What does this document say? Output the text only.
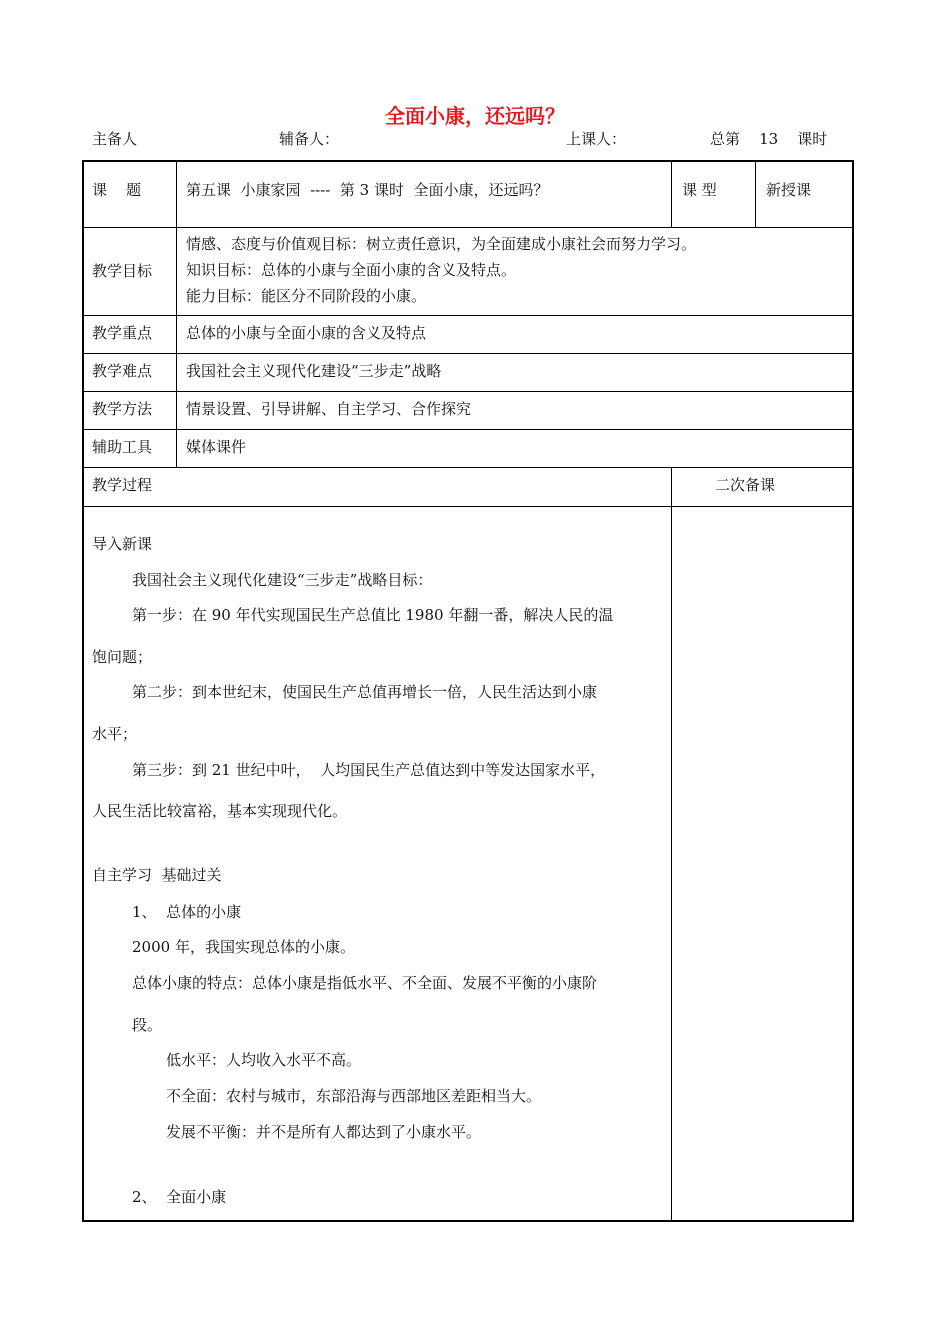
全面小康，还远吗？
主备人	辅备人：	上课人：	总第    13    课时
课    题	第五课  小康家园  ----  第 3 课时  全面小康，还远吗？	课 型	新授课
教学目标
情感、态度与价值观目标：树立责任意识，为全面建成小康社会而努力学习。
知识目标：总体的小康与全面小康的含义及特点。
能力目标：能区分不同阶段的小康。
教学重点 总体的小康与全面小康的含义及特点
教学难点 我国社会主义现代化建设“三步走”战略
教学方法 情景设置、引导讲解、自主学习、合作探究
辅助工具 媒体课件
教学过程	二次备课

导入新课

我国社会主义现代化建设“三步走”战略目标：

第一步：在 90 年代实现国民生产总值比 1980 年翻一番，解决人民的温

饱问题；

第二步：到本世纪末，使国民生产总值再增长一倍，人民生活达到小康

水平；

第三步：到 21 世纪中叶，  人均国民生产总值达到中等发达国家水平，

人民生活比较富裕，基本实现现代化。

自主学习  基础过关

1、  总体的小康

2000 年，我国实现总体的小康。

总体小康的特点：总体小康是指低水平、不全面、发展不平衡的小康阶

段。

低水平：人均收入水平不高。

不全面：农村与城市，东部沿海与西部地区差距相当大。

发展不平衡：并不是所有人都达到了小康水平。

2、  全面小康
